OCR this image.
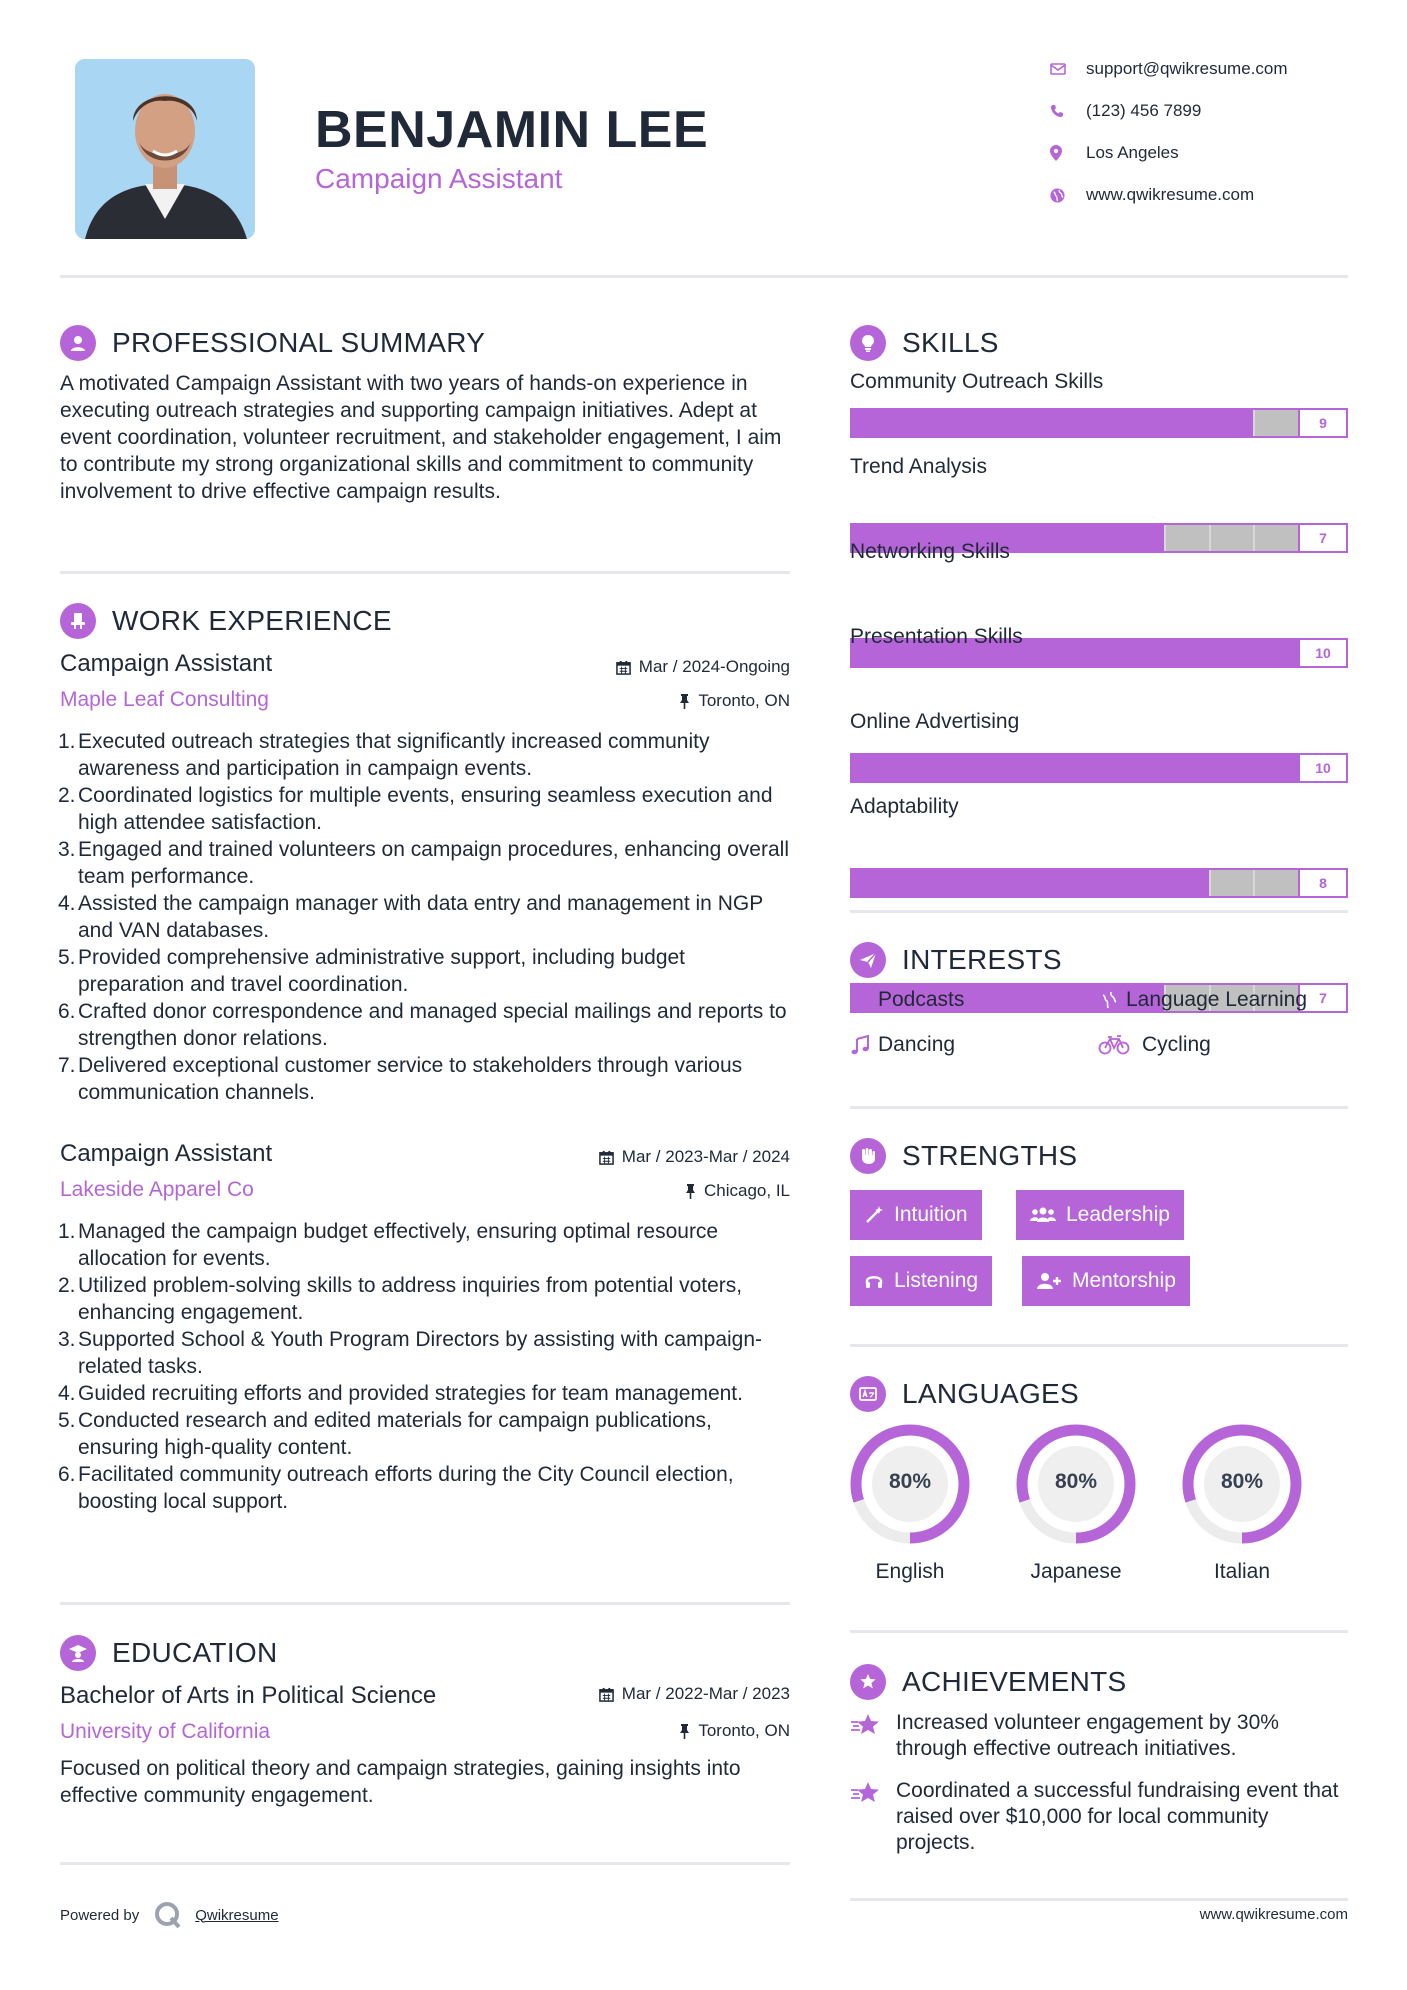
BENJAMIN LEE
Campaign Assistant
support@qwikresume.com
(123) 456 7899
Los Angeles
www.qwikresume.com
PROFESSIONAL SUMMARY
A motivated Campaign Assistant with two years of hands-on experience in executing outreach strategies and supporting campaign initiatives. Adept at event coordination, volunteer recruitment, and stakeholder engagement, I aim to contribute my strong organizational skills and commitment to community involvement to drive effective campaign results.
WORK EXPERIENCE
Campaign Assistant	Mar / 2024-Ongoing
Maple Leaf Consulting	Toronto, ON
1. Executed outreach strategies that significantly increased community awareness and participation in campaign events.
2. Coordinated logistics for multiple events, ensuring seamless execution and high attendee satisfaction.
3. Engaged and trained volunteers on campaign procedures, enhancing overall team performance.
4. Assisted the campaign manager with data entry and management in NGP and VAN databases.
5. Provided comprehensive administrative support, including budget preparation and travel coordination.
6. Crafted donor correspondence and managed special mailings and reports to strengthen donor relations.
7. Delivered exceptional customer service to stakeholders through various communication channels.
Campaign Assistant	Mar / 2023-Mar / 2024
Lakeside Apparel Co	Chicago, IL
1. Managed the campaign budget effectively, ensuring optimal resource allocation for events.
2. Utilized problem-solving skills to address inquiries from potential voters, enhancing engagement.
3. Supported School & Youth Program Directors by assisting with campaign-related tasks.
4. Guided recruiting efforts and provided strategies for team management.
5. Conducted research and edited materials for campaign publications, ensuring high-quality content.
6. Facilitated community outreach efforts during the City Council election, boosting local support.
EDUCATION
Bachelor of Arts in Political Science	Mar / 2022-Mar / 2023
University of California	Toronto, ON
Focused on political theory and campaign strategies, gaining insights into effective community engagement.
Powered by	Qwikresume
SKILLS
Community Outreach Skills
9
Trend Analysis
7
Networking Skills
10
Presentation Skills
10
Online Advertising
8
Adaptability
7
INTERESTS
Podcasts	Language Learning
Dancing	Cycling
STRENGTHS
Intuition	Leadership
Listening	Mentorship
LANGUAGES
80%	80%	80%
English	Japanese	Italian
ACHIEVEMENTS
Increased volunteer engagement by 30% through effective outreach initiatives.
Coordinated a successful fundraising event that raised over $10,000 for local community projects.
www.qwikresume.com
